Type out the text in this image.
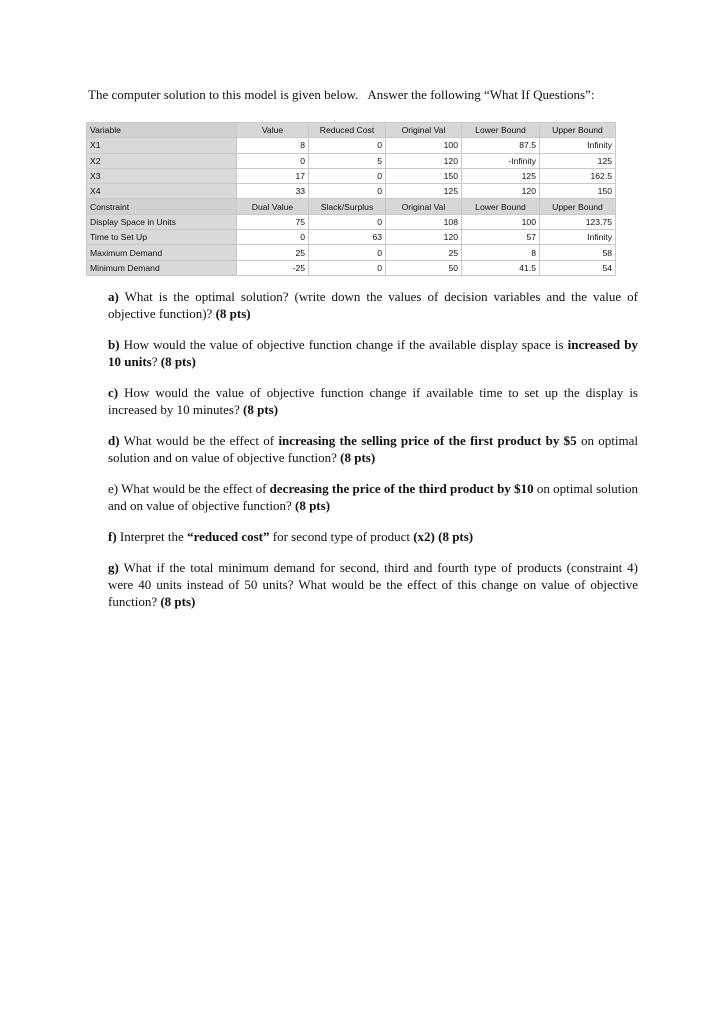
The computer solution to this model is given below. Answer the following “What If Questions”:
Variable	Value	Reduced Cost	Original Val	Lower Bound	Upper Bound
X1	8	0	100	87.5	Infinity
X2	0	5	120	-Infinity	125
X3	17	0	150	125	162.5
X4	33	0	125	120	150
Constraint	Dual Value	Slack/Surplus	Original Val	Lower Bound	Upper Bound
Display Space in Units	75	0	108	100	123.75
Time to Set Up	0	63	120	57	Infinity
Maximum Demand	25	0	25	8	58
Minimum Demand	-25	0	50	41.5	54

a) What is the optimal solution? (write down the values of decision variables and the value of objective function)? (8 pts)

b) How would the value of objective function change if the available display space is increased by 10 units? (8 pts)

c) How would the value of objective function change if available time to set up the display is increased by 10 minutes? (8 pts)

d) What would be the effect of increasing the selling price of the first product by $5 on optimal solution and on value of objective function? (8 pts)

e) What would be the effect of decreasing the price of the third product by $10 on optimal solution and on value of objective function? (8 pts)

f) Interpret the “reduced cost” for second type of product (x2) (8 pts)

g) What if the total minimum demand for second, third and fourth type of products (constraint 4) were 40 units instead of 50 units? What would be the effect of this change on value of objective function? (8 pts)
